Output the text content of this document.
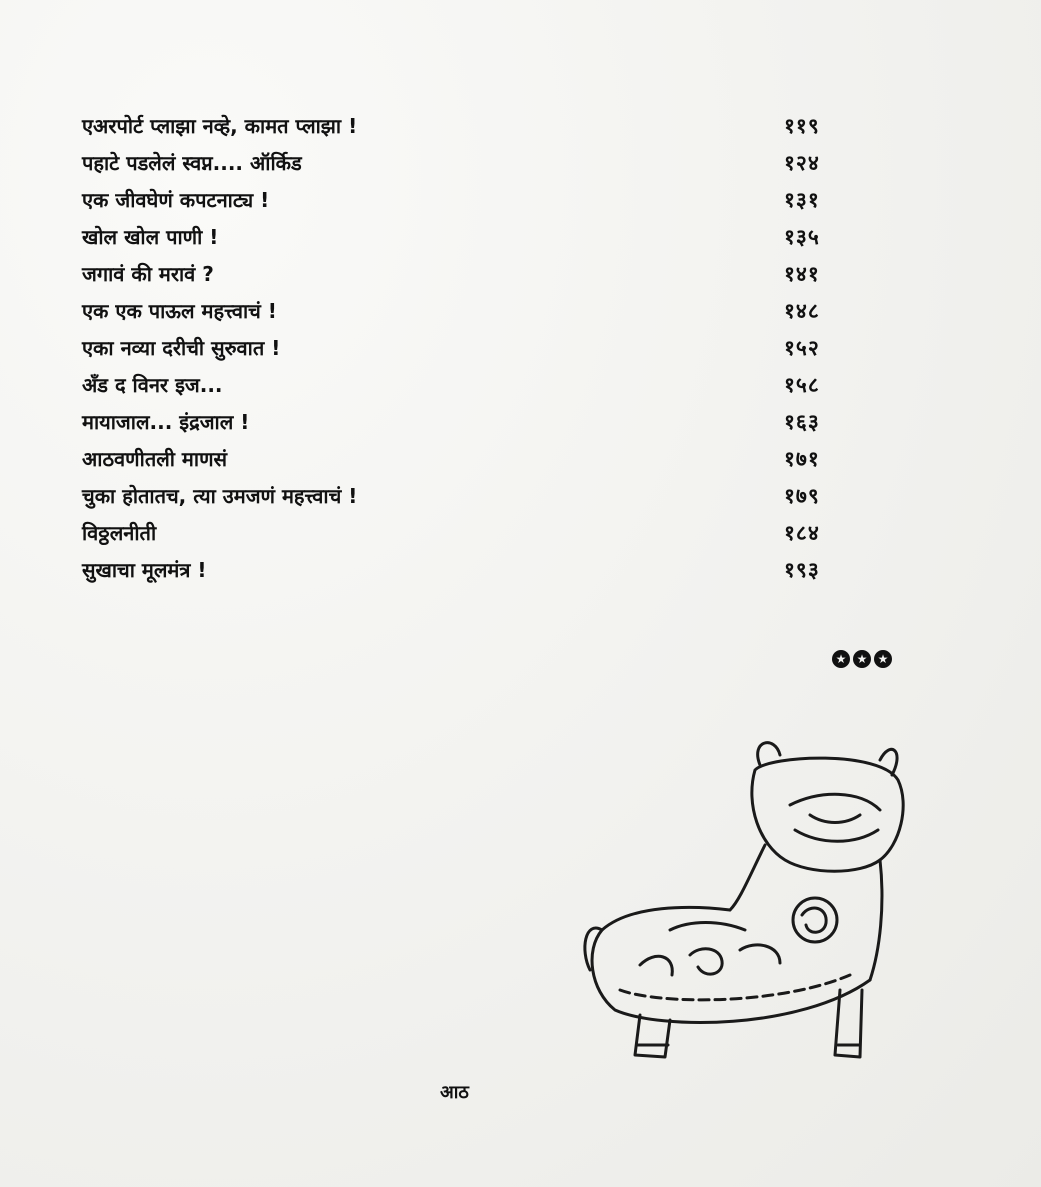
एअरपोर्ट प्लाझा नव्हे, कामत प्लाझा !	११९
पहाटे पडलेलं स्वप्न.... ऑर्किड	१२४
एक जीवघेणं कपटनाट्य !	१३१
खोल खोल पाणी !	१३५
जगावं की मरावं ?	१४१
एक एक पाऊल महत्त्वाचं !	१४८
एका नव्या दरीची सुरुवात !	१५२
अँड द विनर इज...	१५८
मायाजाल... इंद्रजाल !	१६३
आठवणीतली माणसं	१७१
चुका होतातच, त्या उमजणं महत्त्वाचं !	१७९
विठ्ठलनीती	१८४
सुखाचा मूलमंत्र !	१९३
★ ★ ★
आठ
